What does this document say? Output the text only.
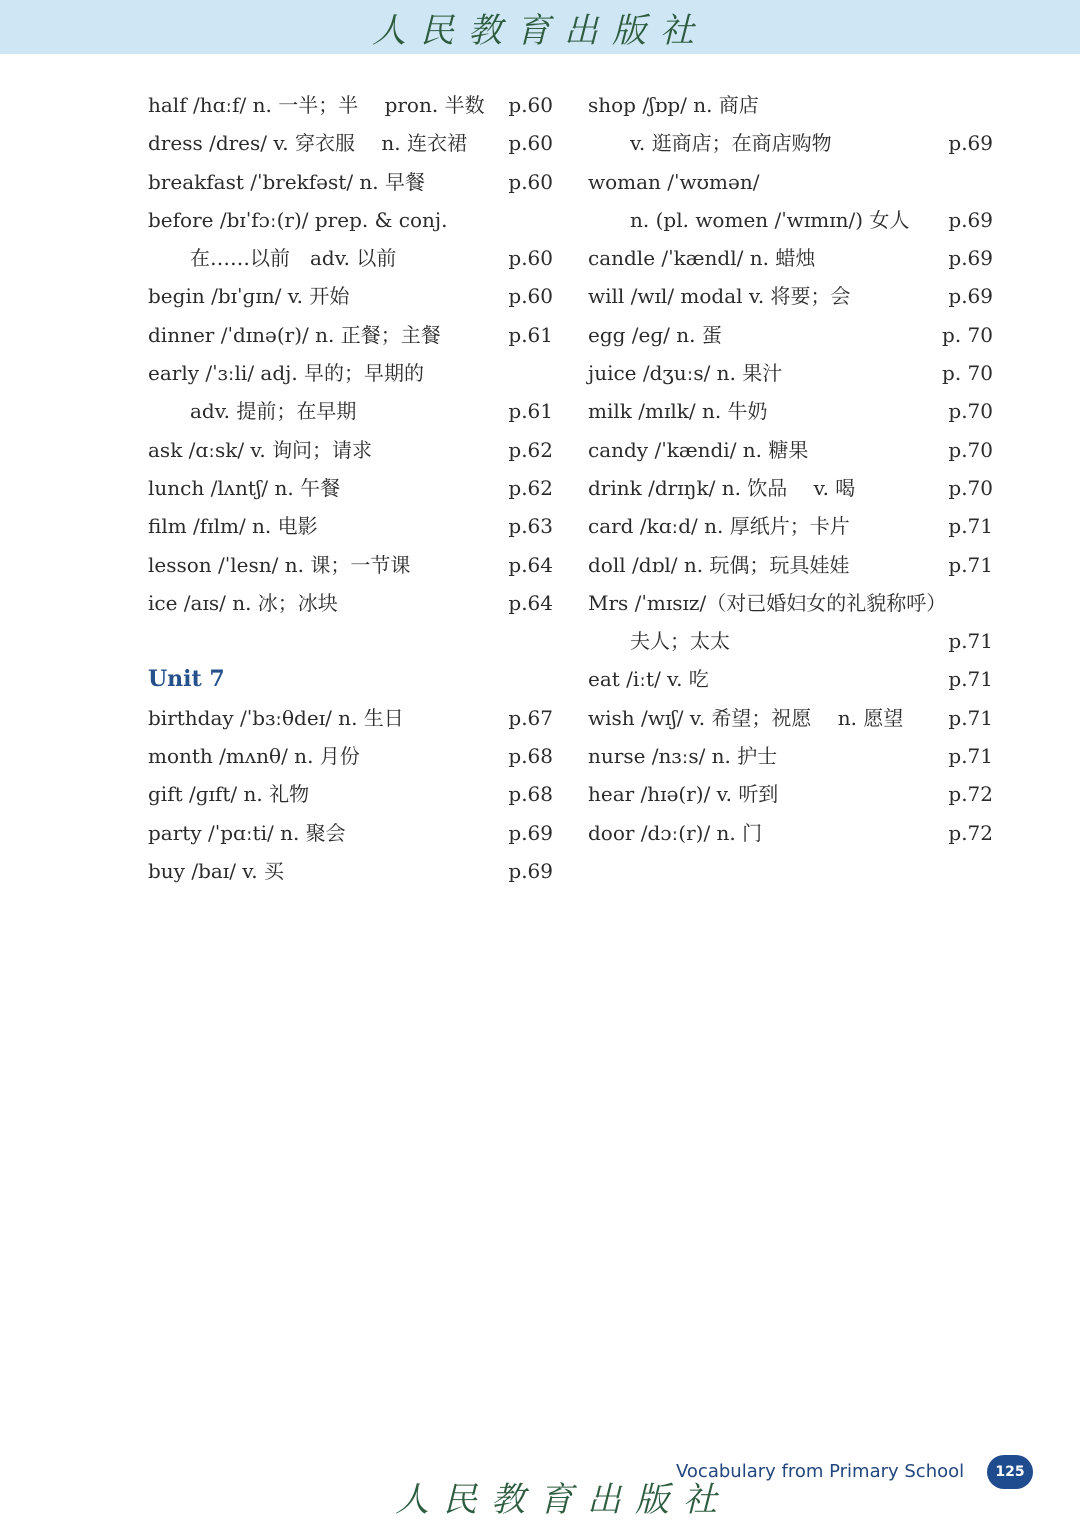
人民教育出版社
half /hɑːf/ n. 一半；半　 pron. 半数 p.60
dress /dres/ v. 穿衣服　 n. 连衣裙 p.60
breakfast /ˈbrekfəst/ n. 早餐	p.60
before /bɪˈfɔː(r)/ prep. & conj.
在……以前　adv. 以前	p.60
begin /bɪˈɡɪn/ v. 开始	p.60
dinner /ˈdɪnə(r)/ n. 正餐；主餐	p.61
early /ˈɜːli/ adj. 早的；早期的
adv. 提前；在早期	p.61
ask /ɑːsk/ v. 询问；请求	p.62
lunch /lʌntʃ/ n. 午餐	p.62
film /fɪlm/ n. 电影	p.63
lesson /ˈlesn/ n. 课；一节课	p.64
ice /aɪs/ n. 冰；冰块	p.64
Unit 7
birthday /ˈbɜːθdeɪ/ n. 生日	p.67
month /mʌnθ/ n. 月份	p.68
gift /ɡɪft/ n. 礼物	p.68
party /ˈpɑːti/ n. 聚会	p.69
buy /baɪ/ v. 买	p.69
shop /ʃɒp/ n. 商店
v. 逛商店；在商店购物	p.69
woman /ˈwʊmən/
n. (pl. women /ˈwɪmɪn/) 女人 p.69
candle /ˈkændl/ n. 蜡烛	p.69
will /wɪl/ modal v. 将要；会	p.69
egg /eɡ/ n. 蛋	p. 70
juice /dʒuːs/ n. 果汁	p. 70
milk /mɪlk/ n. 牛奶	p.70
candy /ˈkændi/ n. 糖果	p.70
drink /drɪŋk/ n. 饮品　 v. 喝	p.70
card /kɑːd/ n. 厚纸片；卡片	p.71
doll /dɒl/ n. 玩偶；玩具娃娃	p.71
Mrs /ˈmɪsɪz/（对已婚妇女的礼貌称呼）
夫人；太太	p.71
eat /iːt/ v. 吃	p.71
wish /wɪʃ/ v. 希望；祝愿　 n. 愿望 p.71
nurse /nɜːs/ n. 护士	p.71
hear /hɪə(r)/ v. 听到	p.72
door /dɔː(r)/ n. 门	p.72
人民教育出版社
Vocabulary from Primary School 125
